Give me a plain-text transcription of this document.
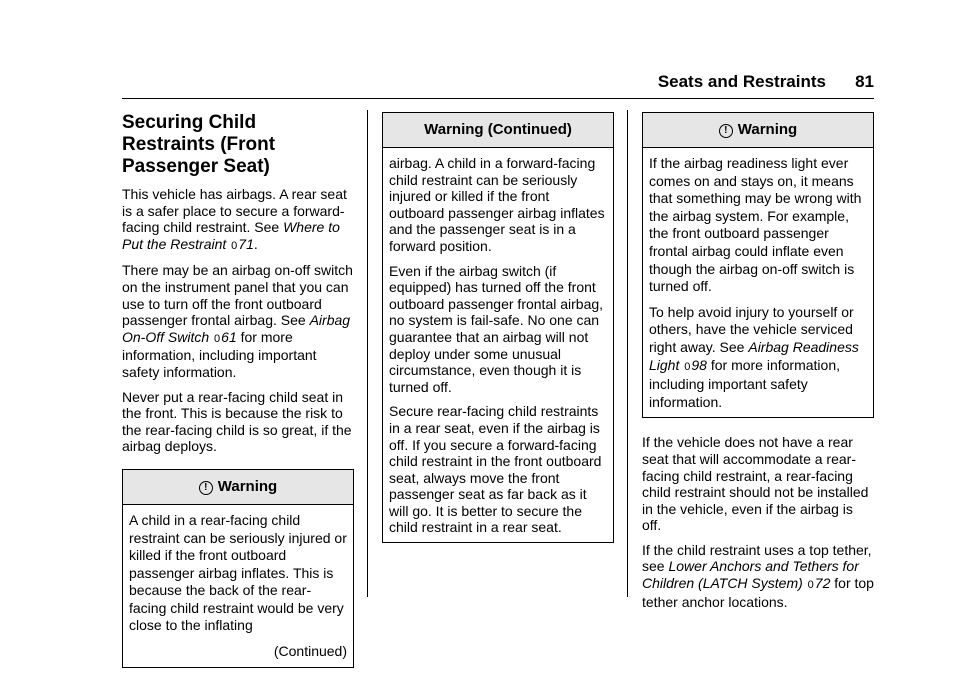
Seats and Restraints 81
Securing Child Restraints (Front Passenger Seat)

This vehicle has airbags. A rear seat is a safer place to secure a forward-facing child restraint. See Where to Put the Restraint 071.

There may be an airbag on-off switch on the instrument panel that you can use to turn off the front outboard passenger frontal airbag. See Airbag On-Off Switch 061 for more information, including important safety information.

Never put a rear-facing child seat in the front. This is because the risk to the rear-facing child is so great, if the airbag deploys.

! Warning

A child in a rear-facing child restraint can be seriously injured or killed if the front outboard passenger airbag inflates. This is because the back of the rear-facing child restraint would be very close to the inflating

(Continued)
Warning (Continued)

airbag. A child in a forward-facing child restraint can be seriously injured or killed if the front outboard passenger airbag inflates and the passenger seat is in a forward position.

Even if the airbag switch (if equipped) has turned off the front outboard passenger frontal airbag, no system is fail-safe. No one can guarantee that an airbag will not deploy under some unusual circumstance, even though it is turned off.

Secure rear-facing child restraints in a rear seat, even if the airbag is off. If you secure a forward-facing child restraint in the front outboard seat, always move the front passenger seat as far back as it will go. It is better to secure the child restraint in a rear seat.

! Warning

If the airbag readiness light ever comes on and stays on, it means that something may be wrong with the airbag system. For example, the front outboard passenger frontal airbag could inflate even though the airbag on-off switch is turned off.

To help avoid injury to yourself or others, have the vehicle serviced right away. See Airbag Readiness Light 098 for more information, including important safety information.

If the vehicle does not have a rear seat that will accommodate a rear-facing child restraint, a rear-facing child restraint should not be installed in the vehicle, even if the airbag is off.

If the child restraint uses a top tether, see Lower Anchors and Tethers for Children (LATCH System) 072 for top tether anchor locations.
